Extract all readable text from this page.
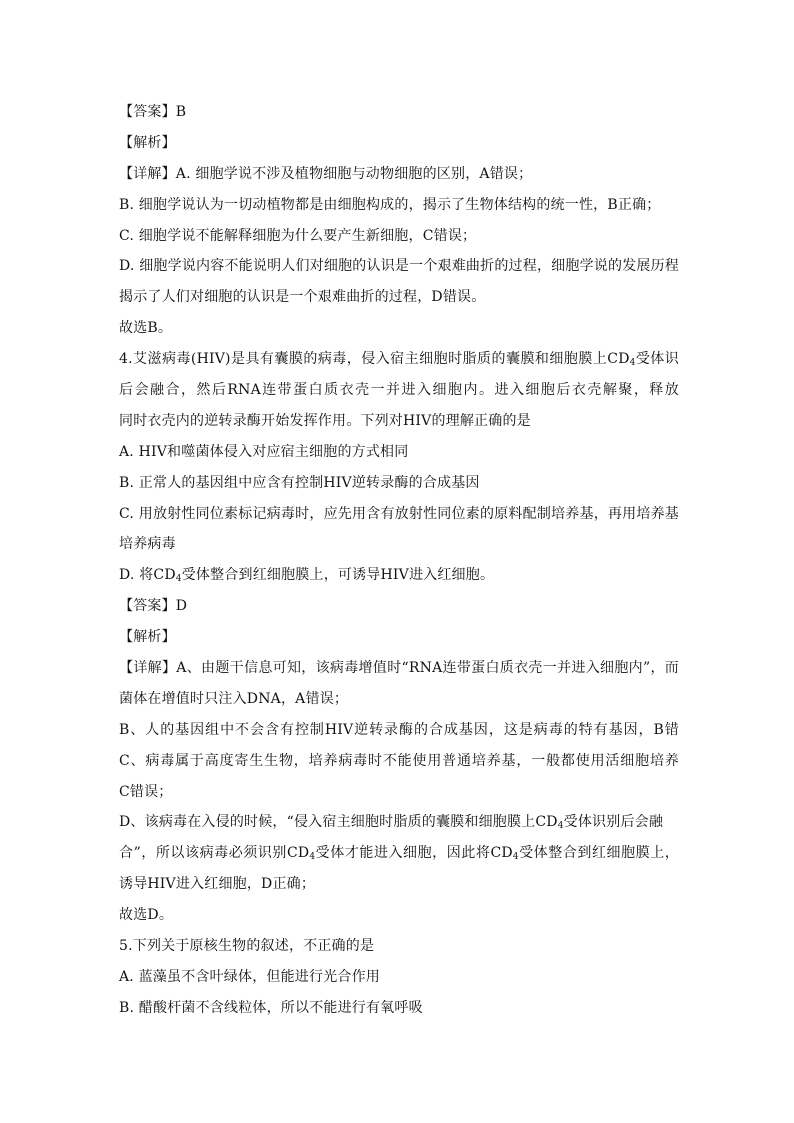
【答案】B
【解析】
【详解】A. 细胞学说不涉及植物细胞与动物细胞的区别，A错误；
B. 细胞学说认为一切动植物都是由细胞构成的，揭示了生物体结构的统一性，B正确；
C. 细胞学说不能解释细胞为什么要产生新细胞，C错误；
D. 细胞学说内容不能说明人们对细胞的认识是一个艰难曲折的过程，细胞学说的发展历程
揭示了人们对细胞的认识是一个艰难曲折的过程，D错误。
故选B。
4.艾滋病毒(HIV)是具有囊膜的病毒，侵入宿主细胞时脂质的囊膜和细胞膜上$CD_4$受体识
后会融合，然后RNA连带蛋白质衣壳一并进入细胞内。进入细胞后衣壳解聚，释放
同时衣壳内的逆转录酶开始发挥作用。下列对HIV的理解正确的是
A. HIV和噬菌体侵入对应宿主细胞的方式相同
B. 正常人的基因组中应含有控制HIV逆转录酶的合成基因
C. 用放射性同位素标记病毒时，应先用含有放射性同位素的原料配制培养基，再用培养基
培养病毒
D. 将$CD_4$受体整合到红细胞膜上，可诱导HIV进入红细胞。
【答案】D
【解析】
【详解】A、由题干信息可知，该病毒增值时“RNA连带蛋白质衣壳一并进入细胞内”，而
菌体在增值时只注入DNA，A错误；
B、人的基因组中不会含有控制HIV逆转录酶的合成基因，这是病毒的特有基因，B错
C、病毒属于高度寄生生物，培养病毒时不能使用普通培养基，一般都使用活细胞培养
C错误；
D、该病毒在入侵的时候，“侵入宿主细胞时脂质的囊膜和细胞膜上$CD_4$受体识别后会融
合”，所以该病毒必须识别$CD_4$受体才能进入细胞，因此将$CD_4$受体整合到红细胞膜上，
诱导HIV进入红细胞，D正确；
故选D。
5.下列关于原核生物的叙述，不正确的是
A. 蓝藻虽不含叶绿体，但能进行光合作用
B. 醋酸杆菌不含线粒体，所以不能进行有氧呼吸
